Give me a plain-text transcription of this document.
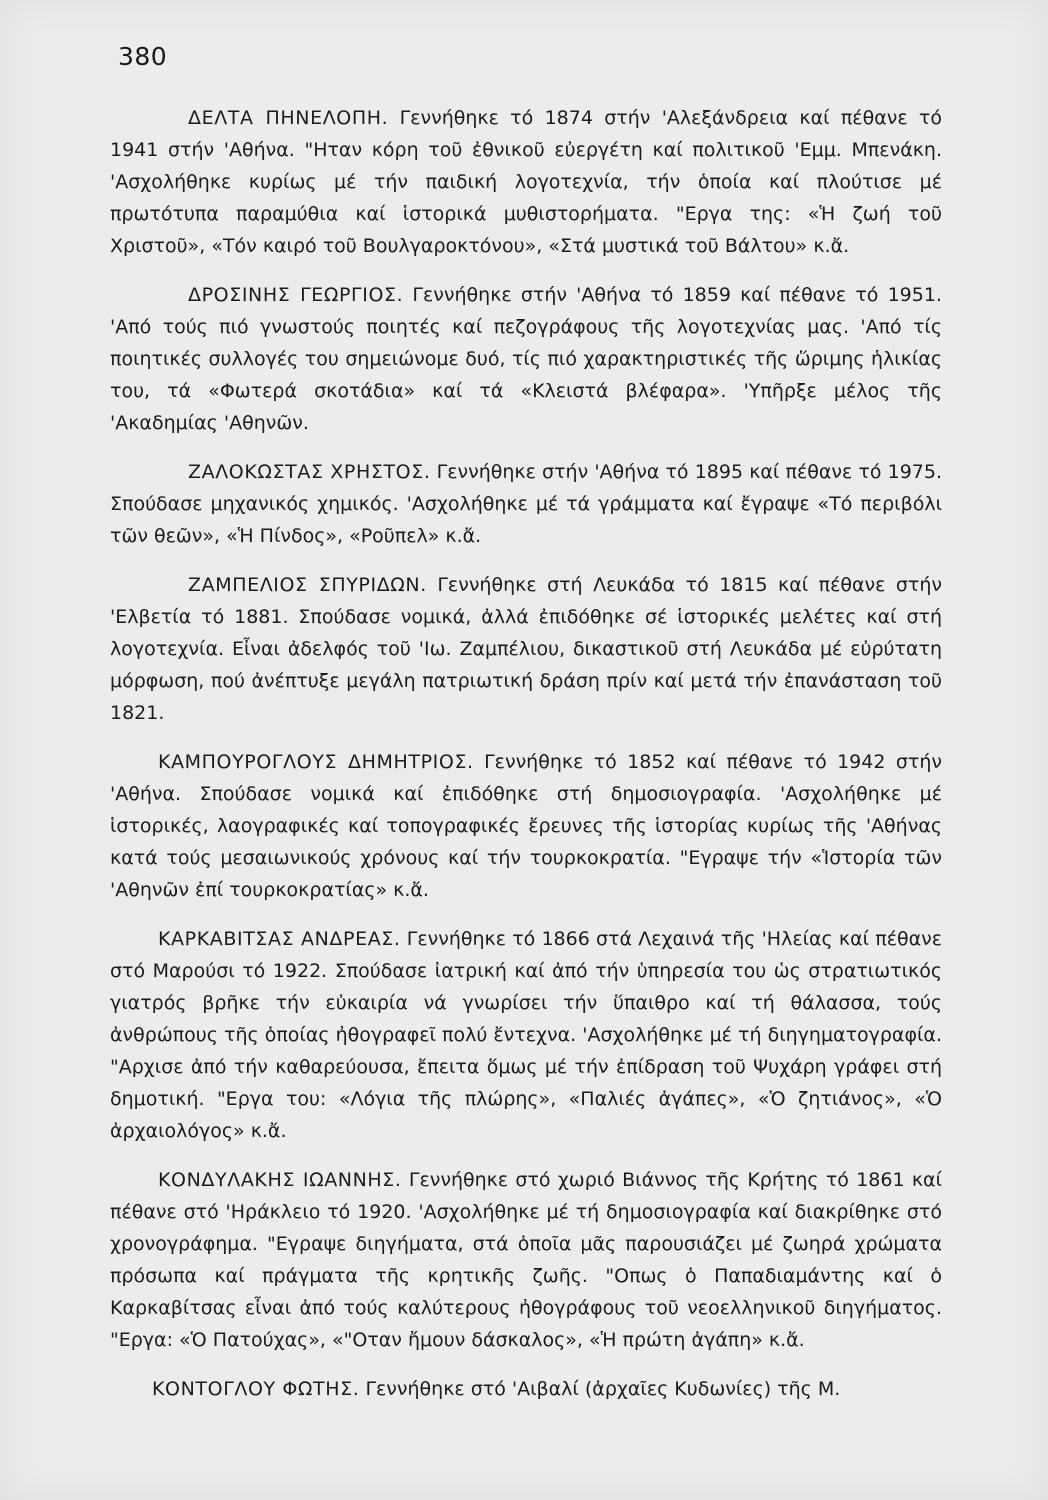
380

ΔΕΛΤΑ ΠΗΝΕΛΟΠΗ. Γεννήθηκε τό 1874 στήν 'Αλεξάνδρεια καί πέθανε τό 1941 στήν 'Αθήνα. "Ηταν κόρη τοῦ ἐθνικοῦ εὐεργέτη καί πολιτικοῦ 'Εμμ. Μπενάκη. 'Ασχολήθηκε κυρίως μέ τήν παιδική λογοτεχνία, τήν ὁποία καί πλούτισε μέ πρωτότυπα παραμύθια καί ἱστορικά μυθιστορήματα. "Εργα της: «Ἡ ζωή τοῦ Χριστοῦ», «Τόν καιρό τοῦ Βουλγαροκτόνου», «Στά μυστικά τοῦ Βάλτου» κ.ἄ.

ΔΡΟΣΙΝΗΣ ΓΕΩΡΓΙΟΣ. Γεννήθηκε στήν 'Αθήνα τό 1859 καί πέθανε τό 1951. 'Από τούς πιό γνωστούς ποιητές καί πεζογράφους τῆς λογοτεχνίας μας. 'Από τίς ποιητικές συλλογές του σημειώνομε δυό, τίς πιό χαρακτηριστικές τῆς ὥριμης ἡλικίας του, τά «Φωτερά σκοτάδια» καί τά «Κλειστά βλέφαρα». 'Υπῆρξε μέλος τῆς 'Ακαδημίας 'Αθηνῶν.

ΖΑΛΟΚΩΣΤΑΣ ΧΡΗΣΤΟΣ. Γεννήθηκε στήν 'Αθήνα τό 1895 καί πέθανε τό 1975. Σπούδασε μηχανικός χημικός. 'Ασχολήθηκε μέ τά γράμματα καί ἔγραψε «Τό περιβόλι τῶν θεῶν», «Ἡ Πίνδος», «Ροῦπελ» κ.ἄ.

ΖΑΜΠΕΛΙΟΣ ΣΠΥΡΙΔΩΝ. Γεννήθηκε στή Λευκάδα τό 1815 καί πέθανε στήν 'Ελβετία τό 1881. Σπούδασε νομικά, ἀλλά ἐπιδόθηκε σέ ἱστορικές μελέτες καί στή λογοτεχνία. Εἶναι ἀδελφός τοῦ 'Ιω. Ζαμπέλιου, δικαστικοῦ στή Λευκάδα μέ εὐρύτατη μόρφωση, πού ἀνέπτυξε μεγάλη πατριωτική δράση πρίν καί μετά τήν ἐπανάσταση τοῦ 1821.

ΚΑΜΠΟΥΡΟΓΛΟΥΣ ΔΗΜΗΤΡΙΟΣ. Γεννήθηκε τό 1852 καί πέθανε τό 1942 στήν 'Αθήνα. Σπούδασε νομικά καί ἐπιδόθηκε στή δημοσιογραφία. 'Ασχολήθηκε μέ ἱστορικές, λαογραφικές καί τοπογραφικές ἔρευνες τῆς ἱστορίας κυρίως τῆς 'Αθήνας κατά τούς μεσαιωνικούς χρόνους καί τήν τουρκοκρατία. "Εγραψε τήν «Ἱστορία τῶν 'Αθηνῶν ἐπί τουρκοκρατίας» κ.ἄ.

ΚΑΡΚΑΒΙΤΣΑΣ ΑΝΔΡΕΑΣ. Γεννήθηκε τό 1866 στά Λεχαινά τῆς 'Ηλείας καί πέθανε στό Μαρούσι τό 1922. Σπούδασε ἰατρική καί ἀπό τήν ὑπηρεσία του ὡς στρατιωτικός γιατρός βρῆκε τήν εὐκαιρία νά γνωρίσει τήν ὕπαιθρο καί τή θάλασσα, τούς ἀνθρώπους τῆς ὁποίας ἠθογραφεῖ πολύ ἔντεχνα. 'Ασχολήθηκε μέ τή διηγηματογραφία. "Αρχισε ἀπό τήν καθαρεύουσα, ἔπειτα ὅμως μέ τήν ἐπίδραση τοῦ Ψυχάρη γράφει στή δημοτική. "Εργα του: «Λόγια τῆς πλώρης», «Παλιές ἀγάπες», «Ὁ ζητιάνος», «Ὁ ἀρχαιολόγος» κ.ἄ.

ΚΟΝΔΥΛΑΚΗΣ ΙΩΑΝΝΗΣ. Γεννήθηκε στό χωριό Βιάννος τῆς Κρήτης τό 1861 καί πέθανε στό 'Ηράκλειο τό 1920. 'Ασχολήθηκε μέ τή δημοσιογραφία καί διακρίθηκε στό χρονογράφημα. "Εγραψε διηγήματα, στά ὁποῖα μᾶς παρουσιάζει μέ ζωηρά χρώματα πρόσωπα καί πράγματα τῆς κρητικῆς ζωῆς. "Οπως ὁ Παπαδιαμάντης καί ὁ Καρκαβίτσας εἶναι ἀπό τούς καλύτερους ἠθογράφους τοῦ νεοελληνικοῦ διηγήματος. "Εργα: «Ὁ Πατούχας», «"Οταν ἤμουν δάσκαλος», «Ἡ πρώτη ἀγάπη» κ.ἄ.

ΚΟΝΤΟΓΛΟΥ ΦΩΤΗΣ. Γεννήθηκε στό 'Αιβαλί (ἀρχαῖες Κυδωνίες) τῆς Μ.
